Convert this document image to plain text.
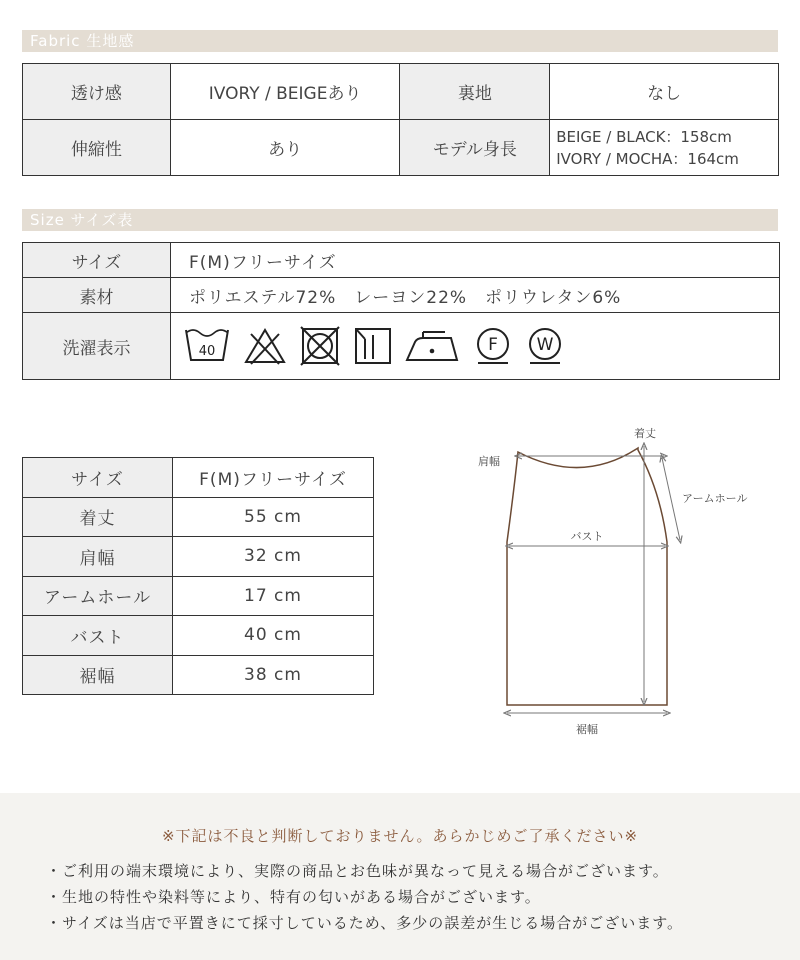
Fabric 生地感
透け感	IVORY / BEIGEあり	裏地	なし
伸縮性	あり	モデル身長	BEIGE / BLACK：158cm
IVORY / MOCHA：164cm
Size サイズ表
サイズ	F(M)フリーサイズ
素材	ポリエステル72%　レーヨン22%　ポリウレタン6%
洗濯表示	40 F W
サイズ	F(M)フリーサイズ
着丈	55 cm
肩幅	32 cm
アームホール	17 cm
バスト	40 cm
裾幅	38 cm
着丈
肩幅
アームホール
バスト
裾幅
※下記は不良と判断しておりません。あらかじめご了承ください※
・ご利用の端末環境により、実際の商品とお色味が異なって見える場合がございます。
・生地の特性や染料等により、特有の匂いがある場合がございます。
・サイズは当店で平置きにて採寸しているため、多少の誤差が生じる場合がございます。
